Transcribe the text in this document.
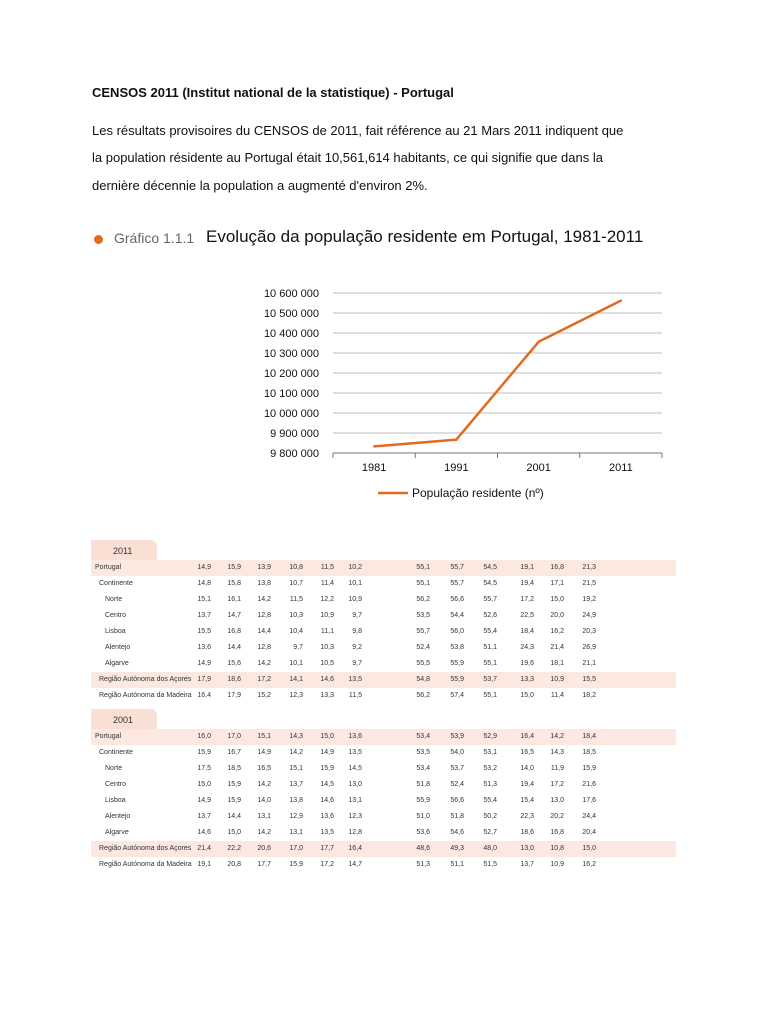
CENSOS 2011 (Institut national de la statistique) - Portugal
Les résultats provisoires du CENSOS de 2011, fait référence au 21 Mars 2011 indiquent que
la population résidente au Portugal était 10,561,614 habitants, ce qui signifie que dans la
dernière décennie la population a augmenté d'environ 2%.
Gráfico 1.1.1 Evolução da população residente em Portugal, 1981-2011
10 600 000
10 500 000
10 400 000
10 300 000
10 200 000
10 100 000
10 000 000
9 900 000
9 800 000
1981	1991	2001	2011
População residente (nº)
2011
Portugal	14,9	15,9	13,9	10,8	11,5	10,2	55,1	55,7	54,5	19,1	16,8	21,3
Continente	14,8	15,8	13,8	10,7	11,4	10,1	55,1	55,7	54,5	19,4	17,1	21,5
Norte	15,1	16,1	14,2	11,5	12,2	10,9	56,2	56,6	55,7	17,2	15,0	19,2
Centro	13,7	14,7	12,8	10,3	10,9	9,7	53,5	54,4	52,6	22,5	20,0	24,9
Lisboa	15,5	16,8	14,4	10,4	11,1	9,8	55,7	56,0	55,4	18,4	16,2	20,3
Alentejo	13,6	14,4	12,8	9,7	10,3	9,2	52,4	53,8	51,1	24,3	21,4	26,9
Algarve	14,9	15,6	14,2	10,1	10,5	9,7	55,5	55,9	55,1	19,6	18,1	21,1
Região Autónoma dos Açores 17,9	18,6	17,2	14,1	14,6	13,5	54,8	55,9	53,7	13,3	10,9	15,5
Região Autónoma da Madeira 16,4	17,9	15,2	12,3	13,3	11,5	56,2	57,4	55,1	15,0	11,4	18,2
2001
Portugal	16,0	17,0	15,1	14,3	15,0	13,6	53,4	53,9	52,9	16,4	14,2	18,4
Continente	15,9	16,7	14,9	14,2	14,9	13,5	53,5	54,0	53,1	16,5	14,3	18,5
Norte	17,5	18,5	16,5	15,1	15,9	14,5	53,4	53,7	53,2	14,0	11,9	15,9
Centro	15,0	15,9	14,2	13,7	14,5	13,0	51,8	52,4	51,3	19,4	17,2	21,6
Lisboa	14,9	15,9	14,0	13,8	14,6	13,1	55,9	56,6	55,4	15,4	13,0	17,6
Alentejo	13,7	14,4	13,1	12,9	13,6	12,3	51,0	51,8	50,2	22,3	20,2	24,4
Algarve	14,6	15,0	14,2	13,1	13,5	12,8	53,6	54,6	52,7	18,6	16,8	20,4
Região Autónoma dos Açores 21,4	22,2	20,6	17,0	17,7	16,4	48,6	49,3	48,0	13,0	10,8	15,0
Região Autónoma da Madeira 19,1	20,8	17,7	15,9	17,2	14,7	51,3	51,1	51,5	13,7	10,9	16,2
